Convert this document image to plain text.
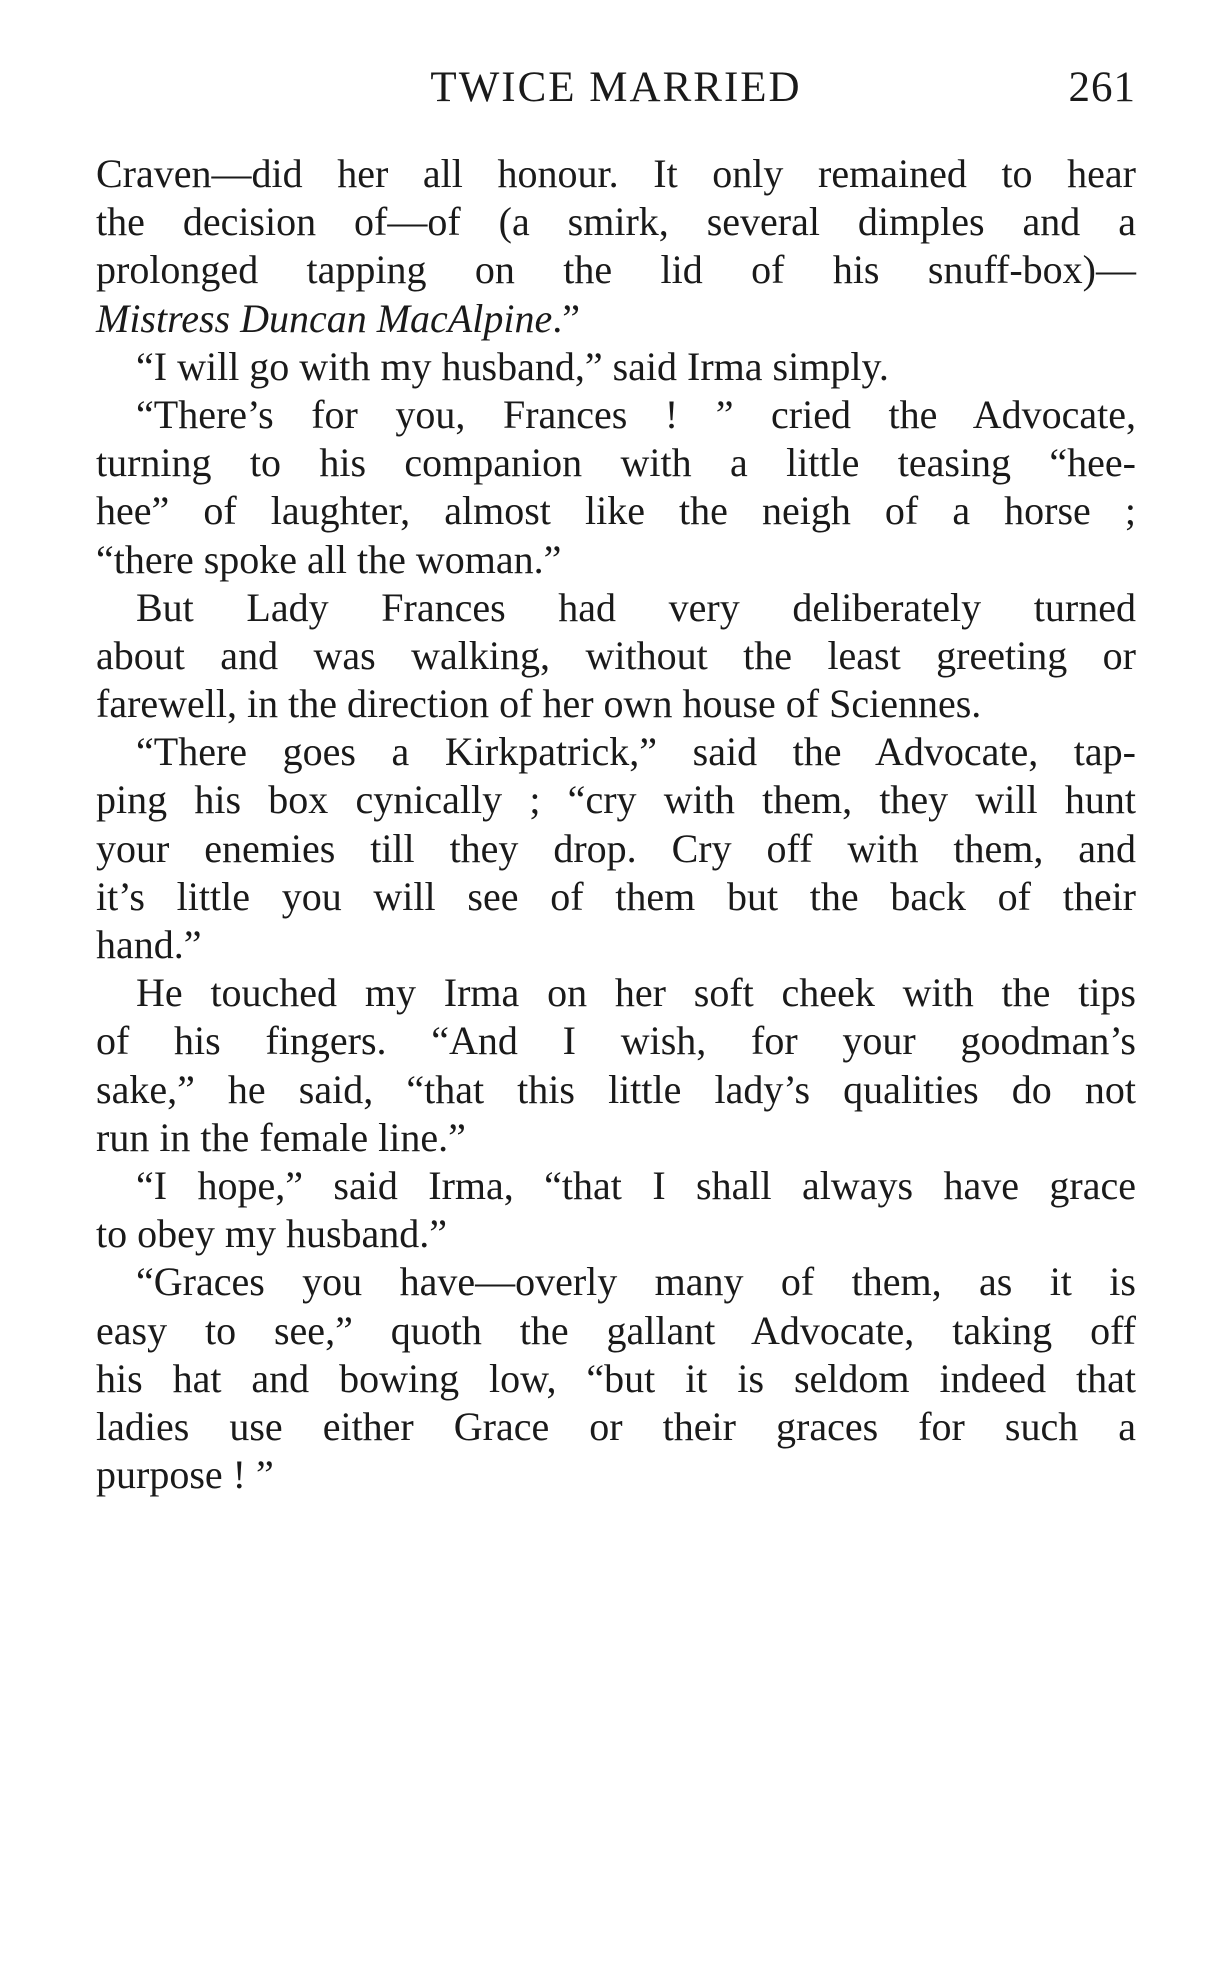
TWICE MARRIED	261
Craven—did her all honour. It only remained to hear
the decision of—of (a smirk, several dimples and a
prolonged tapping on the lid of his snuff-box)—
Mistress Duncan MacAlpine.”
“I will go with my husband,” said Irma simply.
“There’s for you, Frances ! ” cried the Advocate,
turning to his companion with a little teasing “hee-
hee” of laughter, almost like the neigh of a horse ;
“there spoke all the woman.”
But Lady Frances had very deliberately turned
about and was walking, without the least greeting or
farewell, in the direction of her own house of Sciennes.
“There goes a Kirkpatrick,” said the Advocate, tap-
ping his box cynically ; “cry with them, they will hunt
your enemies till they drop. Cry off with them, and
it’s little you will see of them but the back of their
hand.”
He touched my Irma on her soft cheek with the tips
of his fingers. “And I wish, for your goodman’s
sake,” he said, “that this little lady’s qualities do not
run in the female line.”
“I hope,” said Irma, “that I shall always have grace
to obey my husband.”
“Graces you have—overly many of them, as it is
easy to see,” quoth the gallant Advocate, taking off
his hat and bowing low, “but it is seldom indeed that
ladies use either Grace or their graces for such a
purpose ! ”
